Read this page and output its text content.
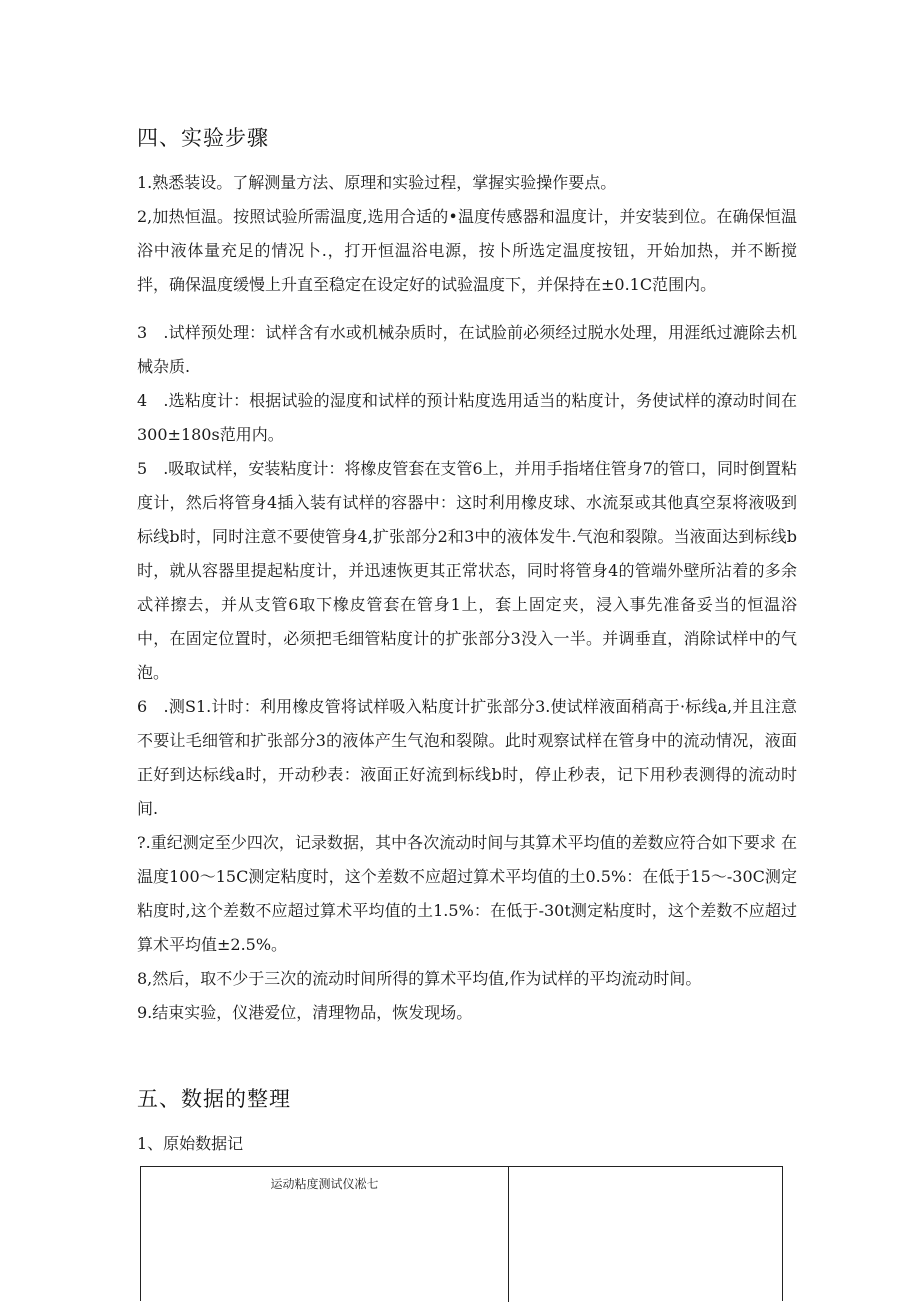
四、实验步骤

1.熟悉装设。了解测量方法、原理和实验过程，掌握实验操作要点。

2,加热恒温。按照试验所需温度,选用合适的•温度传感器和温度计，并安装到位。在确保恒温浴中液体量充足的情况卜.，打开恒温浴电源，按卜所选定温度按钮，开始加热，并不断搅拌，确保温度缓慢上升直至稳定在设定好的试验温度下，并保持在±0.1C范围内。

3　.试样预处理：试样含有水或机械杂质时，在试脸前必须经过脱水处理，用涯纸过漉除去机械杂质.

4　.选粘度计：根据试验的湿度和试样的预计粘度选用适当的粘度计，务使试样的潦动时间在300±180s范用内。

5　.吸取试样，安装粘度计：将橡皮管套在支管6上，并用手指堵住管身7的管口，同时倒置粘度计，然后将管身4插入装有试样的容器中：这时利用橡皮球、水流泵或其他真空泵将液吸到标线b时，同时注意不要使管身4,扩张部分2和3中的液体发牛.气泡和裂隙。当液面达到标线b时，就从容器里提起粘度计，并迅速恢更其正常状态，同时将管身4的管端外壁所沾着的多余忒祥擦去，并从支管6取下橡皮管套在管身1上，套上固定夹，浸入事先准备妥当的恒温浴中，在固定位置时，必须把毛细管粘度计的扩张部分3没入一半。并调垂直，消除试样中的气泡。

6　.测S1.计时：利用橡皮管将试样吸入粘度计扩张部分3.使试样液面稍高于·标线a,并且注意不要让毛细管和扩张部分3的液体产生气泡和裂隙。此时观察试样在管身中的流动情况，液面正好到达标线a时，开动秒表：液面正好流到标线b时，停止秒表，记下用秒表测得的流动时间.

?.重纪测定至少四次，记录数据，其中各次流动时间与其算术平均值的差数应符合如下要求 在温度100～15C测定粘度时，这个差数不应超过算术平均值的土0.5%：在低于15～-30C测定粘度时,这个差数不应超过算术平均值的土1.5%：在低于-30t测定粘度时，这个差数不应超过算术平均值±2.5%。

8,然后，取不少于三次的流动时间所得的算术平均值,作为试样的平均流动时间。

9.结束实验，仪港爱位，清理物品，恢发现场。

五、数据的整理

1、原始数据记

运动粘度测试仪凇七
